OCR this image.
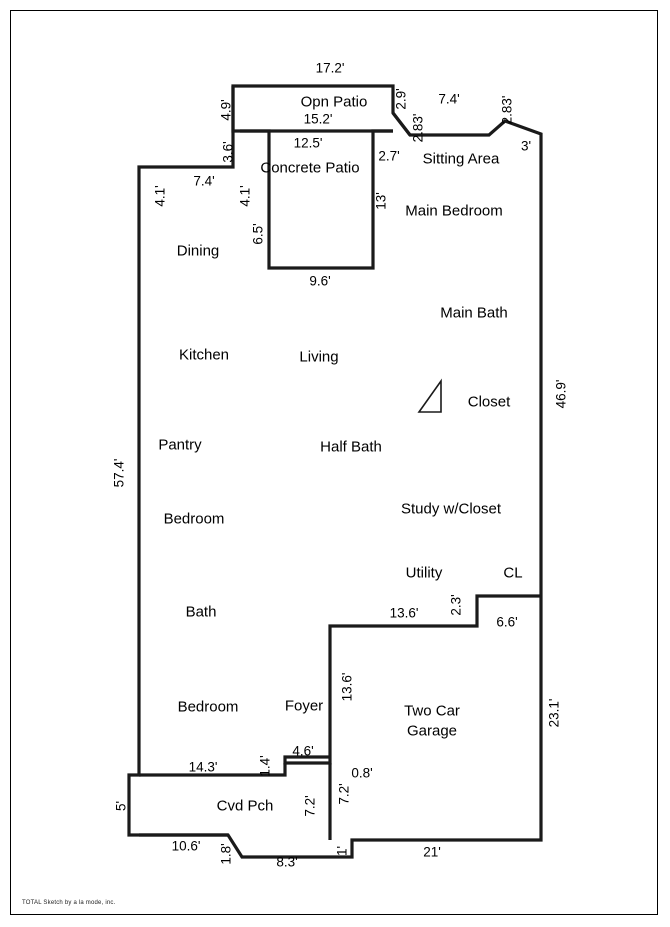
Opn Patio
Concrete Patio
Sitting Area
Main Bedroom
Dining
Main Bath
Kitchen	Living
Closet
Pantry	Half Bath
Study w/Closet
Bedroom
Utility	CL
Bath
Bedroom	Foyer	Two Car
Garage
Cvd Pch
17.2'
4.9'
2.9' 7.4'	2.83'
15.2'	2.83'
12.5'
3.6'	2.7'
3'
4.1'
7.4'
4.1'	13'
6.5'
9.6'
46.9'
57.4'
2.3'
6.6'
13.6'
13.6'
23.1'
1.4'
4.6'
0.8'
14.3'
5'	7.2'
7.2'
10.6' 1.8'	8.3'
1'	21'
TOTAL Sketch by a la mode, inc.
